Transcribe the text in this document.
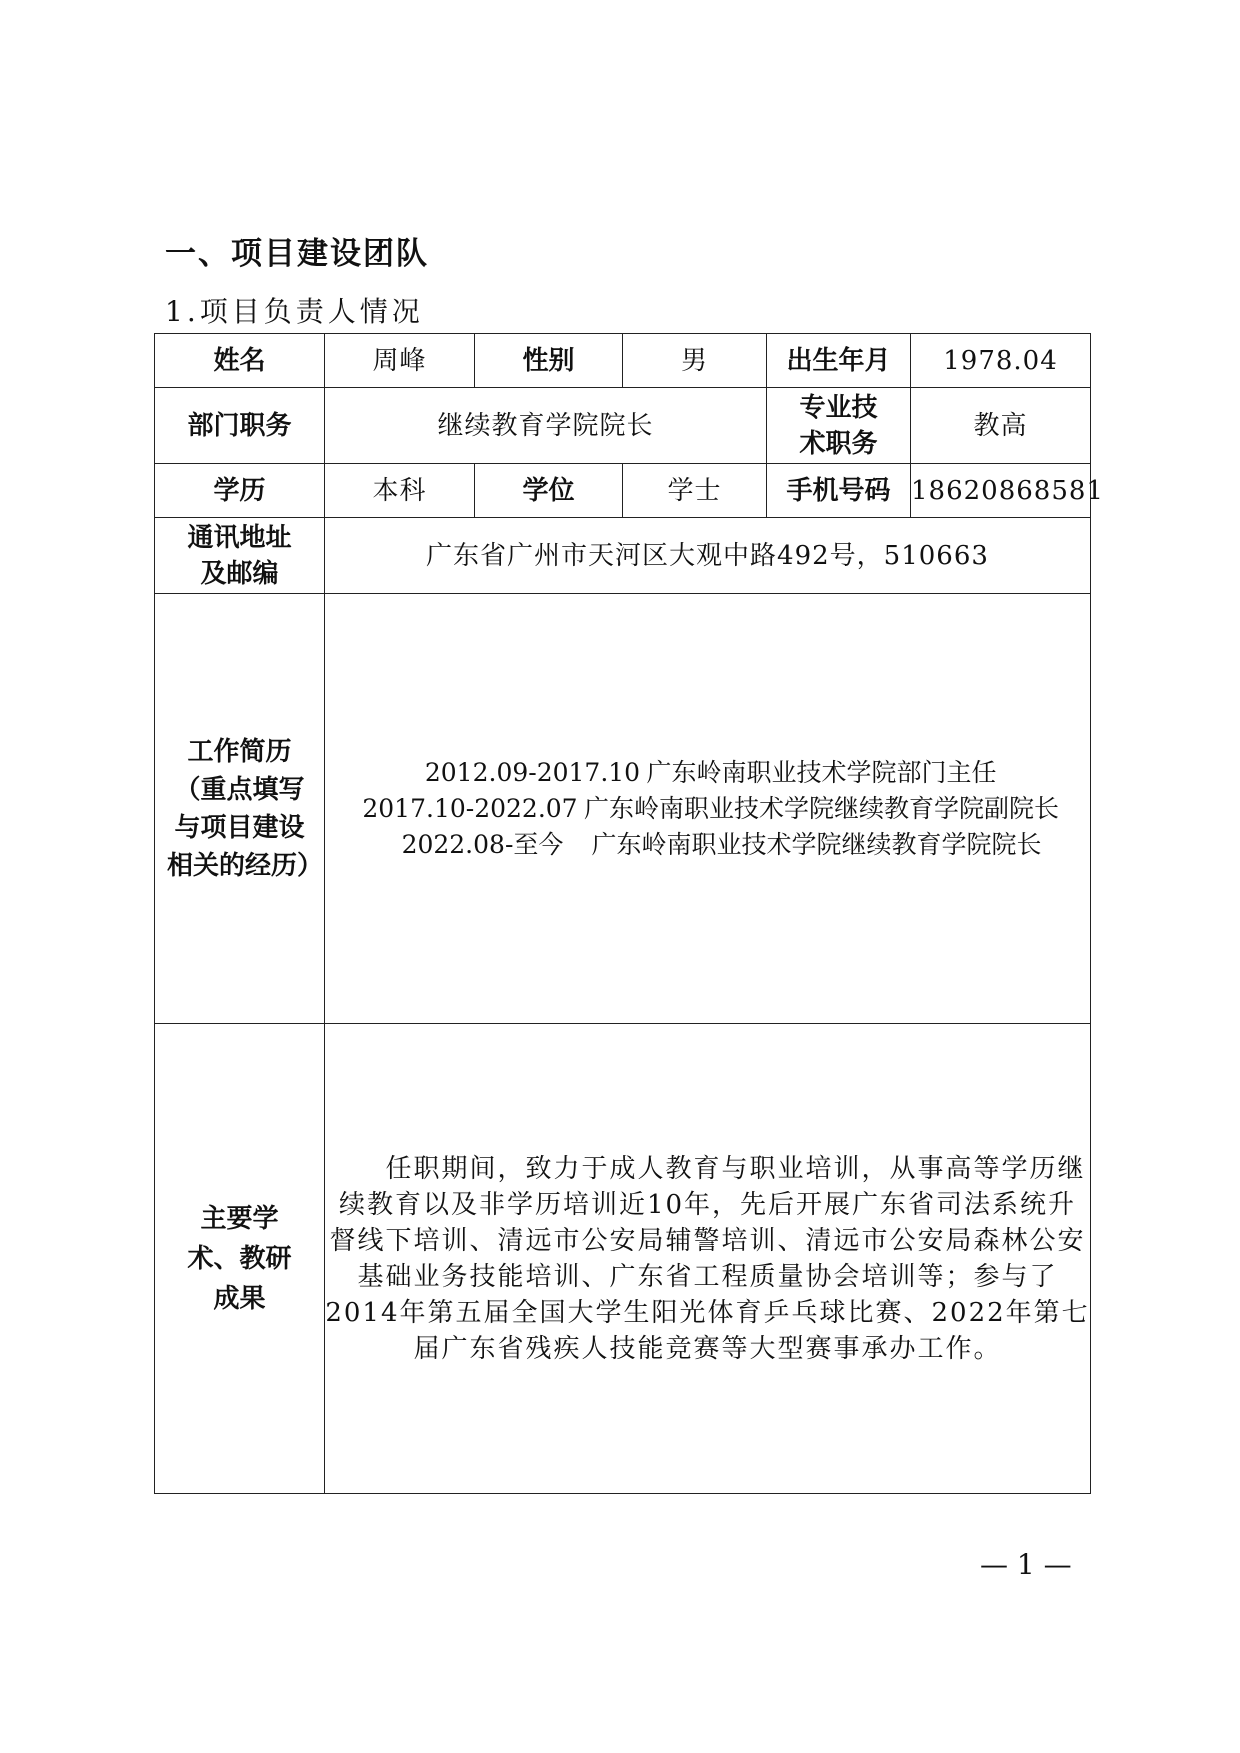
一、项目建设团队
1.项目负责人情况
姓名	周峰	性别	男	出生年月	1978.04
部门职务	继续教育学院院长			专业技术职务	教高
学历	本科	学位	学士	手机号码	18620868581
通讯地址及邮编	广东省广州市天河区大观中路492号，510663				
工作简历（重点填写与项目建设相关的经历）	2012.09-2017.10 广东岭南职业技术学院部门主任
2017.10-2022.07 广东岭南职业技术学院继续教育学院副院长
2022.08-至今 广东岭南职业技术学院继续教育学院院长				

主要学术、教研成果	任职期间，致力于成人教育与职业培训，从事高等学历继续教育以及非学历培训近10年，先后开展广东省司法系统升督线下培训、清远市公安局辅警培训、清远市公安局森林公安基础业务技能培训、广东省工程质量协会培训等；参与了2014年第五届全国大学生阳光体育乒乓球比赛、2022年第七届广东省残疾人技能竞赛等大型赛事承办工作。				
— 1 —
